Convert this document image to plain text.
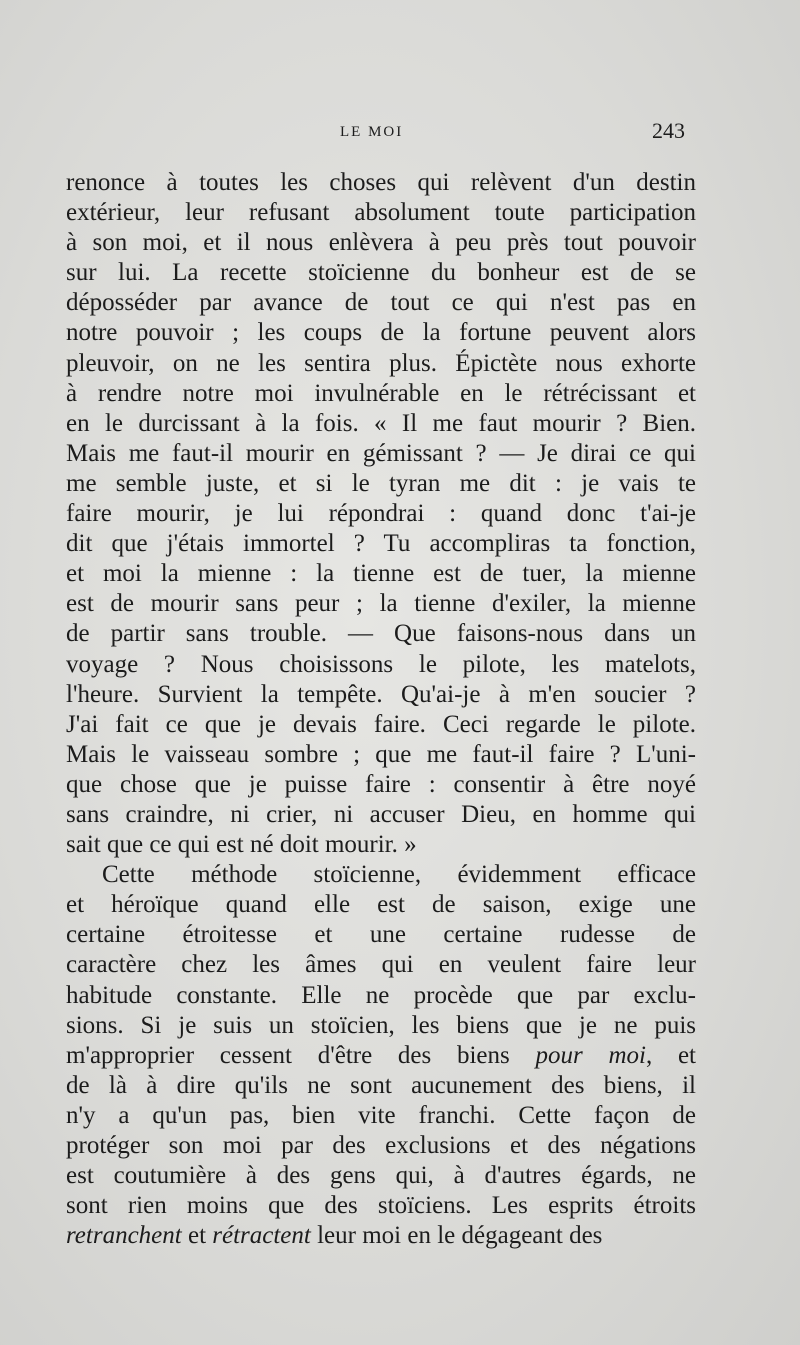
LE MOI	243
renonce à toutes les choses qui relèvent d'un destin
extérieur, leur refusant absolument toute participation
à son moi, et il nous enlèvera à peu près tout pouvoir
sur lui. La recette stoïcienne du bonheur est de se
déposséder par avance de tout ce qui n'est pas en
notre pouvoir ; les coups de la fortune peuvent alors
pleuvoir, on ne les sentira plus. Épictète nous exhorte
à rendre notre moi invulnérable en le rétrécissant et
en le durcissant à la fois. « Il me faut mourir ? Bien.
Mais me faut-il mourir en gémissant ? — Je dirai ce qui
me semble juste, et si le tyran me dit : je vais te
faire mourir, je lui répondrai : quand donc t'ai-je
dit que j'étais immortel ? Tu accompliras ta fonction,
et moi la mienne : la tienne est de tuer, la mienne
est de mourir sans peur ; la tienne d'exiler, la mienne
de partir sans trouble. — Que faisons-nous dans un
voyage ? Nous choisissons le pilote, les matelots,
l'heure. Survient la tempête. Qu'ai-je à m'en soucier ?
J'ai fait ce que je devais faire. Ceci regarde le pilote.
Mais le vaisseau sombre ; que me faut-il faire ? L'uni-
que chose que je puisse faire : consentir à être noyé
sans craindre, ni crier, ni accuser Dieu, en homme qui
sait que ce qui est né doit mourir. »
Cette méthode stoïcienne, évidemment efficace
et héroïque quand elle est de saison, exige une
certaine étroitesse et une certaine rudesse de
caractère chez les âmes qui en veulent faire leur
habitude constante. Elle ne procède que par exclu-
sions. Si je suis un stoïcien, les biens que je ne puis
m'approprier cessent d'être des biens pour moi, et
de là à dire qu'ils ne sont aucunement des biens, il
n'y a qu'un pas, bien vite franchi. Cette façon de
protéger son moi par des exclusions et des négations
est coutumière à des gens qui, à d'autres égards, ne
sont rien moins que des stoïciens. Les esprits étroits
retranchent et rétractent leur moi en le dégageant des
